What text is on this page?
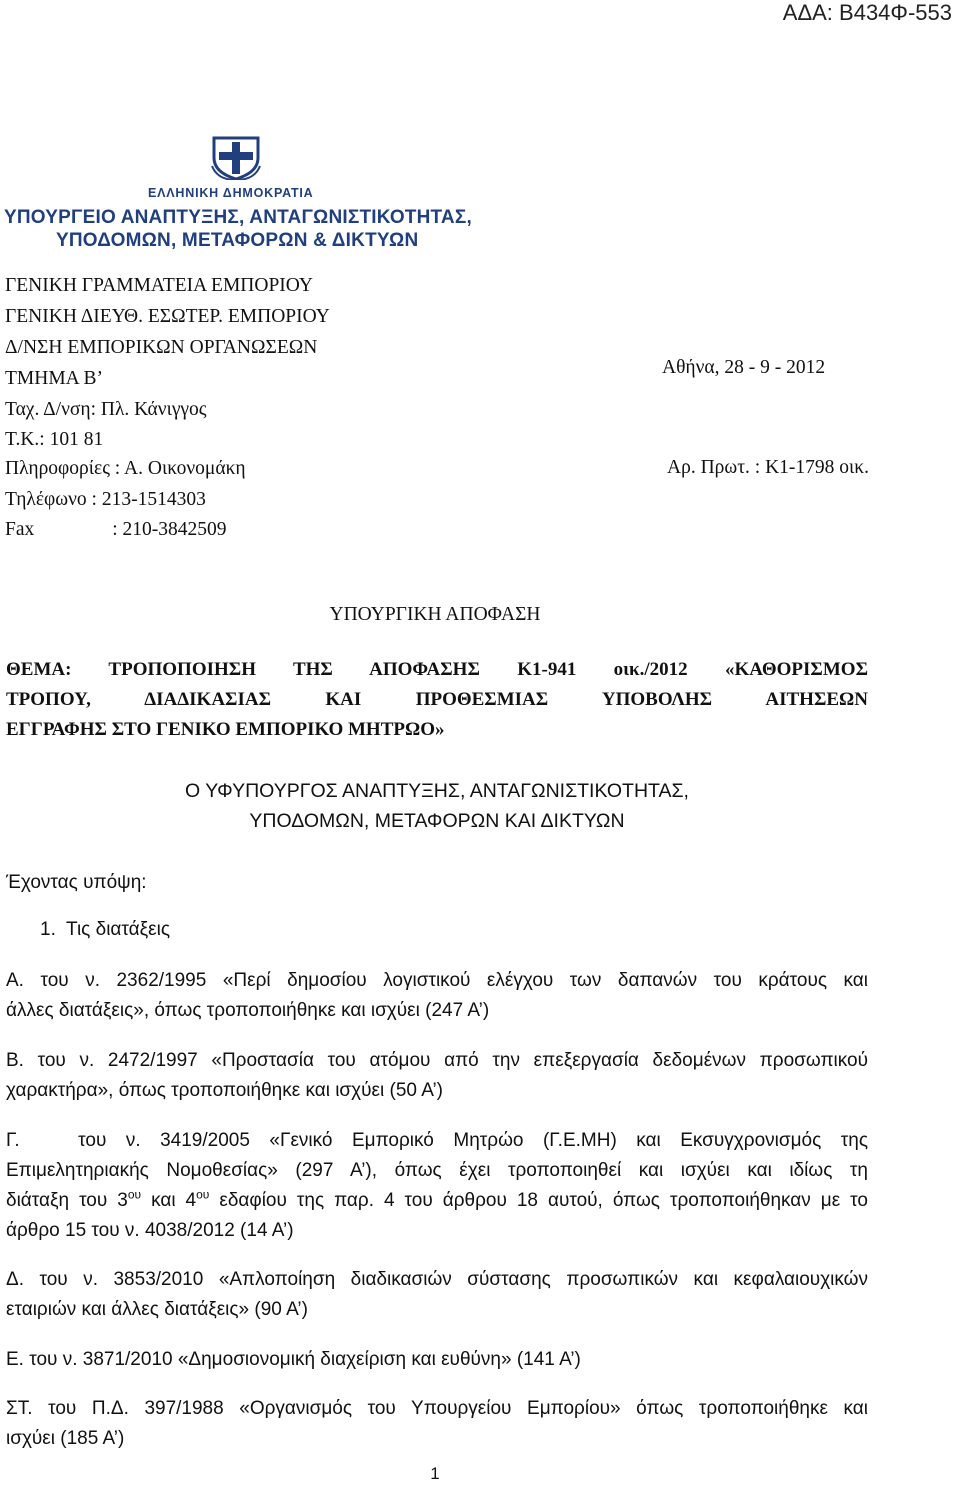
ΑΔΑ: Β434Φ-553
ΕΛΛΗΝΙΚΗ ΔΗΜΟΚΡΑΤΙΑ
ΥΠΟΥΡΓΕΙΟ ΑΝΑΠΤΥΞΗΣ, ΑΝΤΑΓΩΝΙΣΤΙΚΟΤΗΤΑΣ,
ΥΠΟΔΟΜΩΝ, ΜΕΤΑΦΟΡΩΝ & ΔΙΚΤΥΩΝ
ΓΕΝΙΚΗ ΓΡΑΜΜΑΤΕΙΑ ΕΜΠΟΡΙΟΥ
ΓΕΝΙΚΗ ΔΙΕΥΘ. ΕΣΩΤΕΡ. ΕΜΠΟΡΙΟΥ
Δ/ΝΣΗ ΕΜΠΟΡΙΚΩΝ ΟΡΓΑΝΩΣΕΩΝ
ΤΜΗΜΑ Β’
Ταχ. Δ/νση: Πλ. Κάνιγγος
Τ.Κ.: 101 81
Πληροφορίες : Α. Οικονομάκη
Τηλέφωνο : 213-1514303
Fax                : 210-3842509
Αθήνα, 28 - 9 - 2012
Αρ. Πρωτ. : Κ1-1798 οικ.
ΥΠΟΥΡΓΙΚΗ ΑΠΟΦΑΣΗ
ΘΕΜΑ: ΤΡΟΠΟΠΟΙΗΣΗ ΤΗΣ ΑΠΟΦΑΣΗΣ Κ1-941 οικ./2012 «ΚΑΘΟΡΙΣΜΟΣ
ΤΡΟΠΟΥ, ΔΙΑΔΙΚΑΣΙΑΣ ΚΑΙ ΠΡΟΘΕΣΜΙΑΣ ΥΠΟΒΟΛΗΣ ΑΙΤΗΣΕΩΝ
ΕΓΓΡΑΦΗΣ ΣΤΟ ΓΕΝΙΚΟ ΕΜΠΟΡΙΚΟ ΜΗΤΡΩΟ»
Ο ΥΦΥΠΟΥΡΓΟΣ ΑΝΑΠΤΥΞΗΣ, ΑΝΤΑΓΩΝΙΣΤΙΚΟΤΗΤΑΣ,
ΥΠΟΔΟΜΩΝ, ΜΕΤΑΦΟΡΩΝ ΚΑΙ ΔΙΚΤΥΩΝ
Έχοντας υπόψη:
1.  Τις διατάξεις
Α. του ν. 2362/1995 «Περί δημοσίου λογιστικού ελέγχου των δαπανών του κράτους και
άλλες διατάξεις», όπως τροποποιήθηκε και ισχύει (247 Α’)
Β. του ν. 2472/1997 «Προστασία του ατόμου από την επεξεργασία δεδομένων προσωπικού
χαρακτήρα», όπως τροποποιήθηκε και ισχύει (50 Α’)
Γ.   του ν. 3419/2005 «Γενικό Εμπορικό Μητρώο (Γ.Ε.ΜΗ) και Εκσυγχρονισμός της
Επιμελητηριακής Νομοθεσίας» (297 Α’), όπως έχει τροποποιηθεί και ισχύει και ιδίως τη
διάταξη του $3^{o\upsilon}$ και $4^{o\upsilon}$ εδαφίου της παρ. 4 του άρθρου 18 αυτού, όπως τροποποιήθηκαν με το
άρθρο 15 του ν. 4038/2012 (14 Α’)
Δ. του ν. 3853/2010 «Απλοποίηση διαδικασιών σύστασης προσωπικών και κεφαλαιουχικών
εταιριών και άλλες διατάξεις» (90 Α’)
Ε. του ν. 3871/2010 «Δημοσιονομική διαχείριση και ευθύνη» (141 Α’)
ΣΤ. του Π.Δ. 397/1988 «Οργανισμός του Υπουργείου Εμπορίου» όπως τροποποιήθηκε και
ισχύει (185 Α’)
1
